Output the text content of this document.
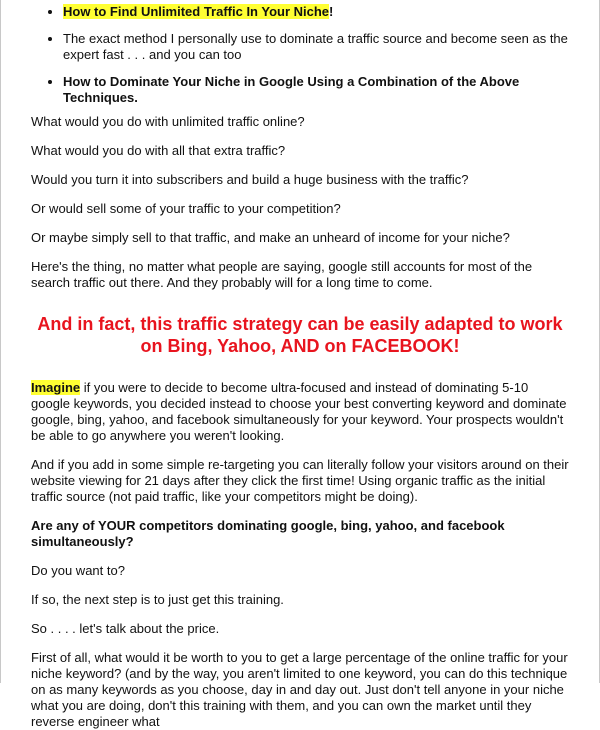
• How to Find Unlimited Traffic In Your Niche!
• The exact method I personally use to dominate a traffic source and become seen as the expert fast . . . and you can too
• How to Dominate Your Niche in Google Using a Combination of the Above Techniques.

What would you do with unlimited traffic online?

What would you do with all that extra traffic?

Would you turn it into subscribers and build a huge business with the traffic?

Or would sell some of your traffic to your competition?

Or maybe simply sell to that traffic, and make an unheard of income for your niche?

Here's the thing, no matter what people are saying, google still accounts for most of the search traffic out there. And they probably will for a long time to come.

And in fact, this traffic strategy can be easily adapted to work on Bing, Yahoo, AND on FACEBOOK!

Imagine if you were to decide to become ultra-focused and instead of dominating 5-10 google keywords, you decided instead to choose your best converting keyword and dominate google, bing, yahoo, and facebook simultaneously for your keyword. Your prospects wouldn't be able to go anywhere you weren't looking.

And if you add in some simple re-targeting you can literally follow your visitors around on their website viewing for 21 days after they click the first time! Using organic traffic as the initial traffic source (not paid traffic, like your competitors might be doing).

Are any of YOUR competitors dominating google, bing, yahoo, and facebook simultaneously?

Do you want to?

If so, the next step is to just get this training.

So . . . . let's talk about the price.

First of all, what would it be worth to you to get a large percentage of the online traffic for your niche keyword? (and by the way, you aren't limited to one keyword, you can do this technique on as many keywords as you choose, day in and day out. Just don't tell anyone in your niche what you are doing, don't this training with them, and you can own the market until they reverse engineer what
